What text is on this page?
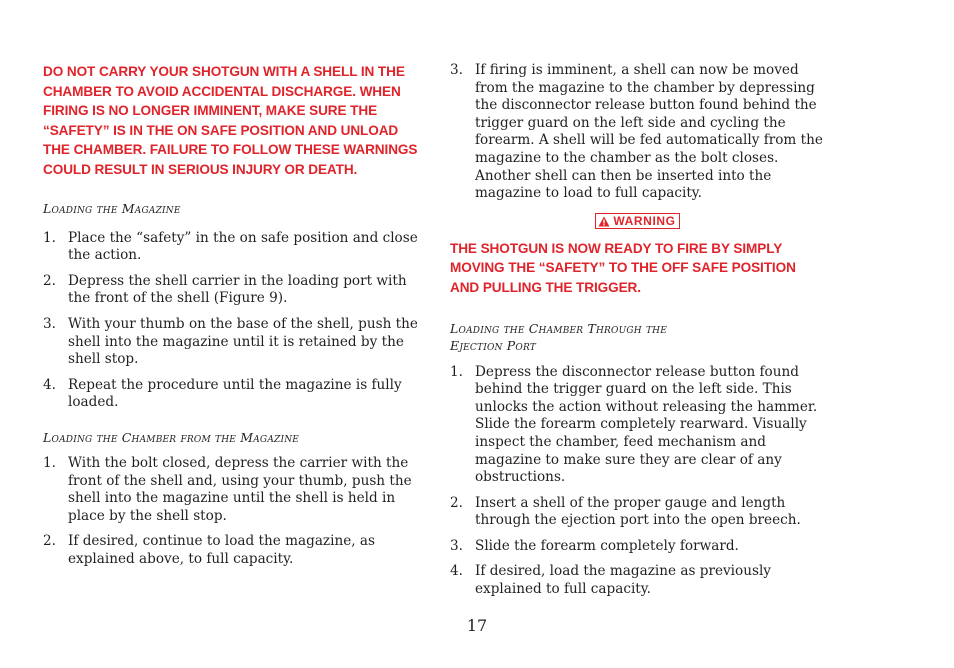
DO NOT CARRY YOUR SHOTGUN WITH A SHELL IN THE CHAMBER TO AVOID ACCIDENTAL DISCHARGE. WHEN FIRING IS NO LONGER IMMINENT, MAKE SURE THE “SAFETY” IS IN THE ON SAFE POSITION AND UNLOAD THE CHAMBER. FAILURE TO FOLLOW THESE WARNINGS COULD RESULT IN SERIOUS INJURY OR DEATH.

Loading the Magazine

1. Place the “safety” in the on safe position and close the action.
2. Depress the shell carrier in the loading port with the front of the shell (Figure 9).
3. With your thumb on the base of the shell, push the shell into the magazine until it is retained by the shell stop.
4. Repeat the procedure until the magazine is fully loaded.

Loading the Chamber from the Magazine

1. With the bolt closed, depress the carrier with the front of the shell and, using your thumb, push the shell into the magazine until the shell is held in place by the shell stop.
2. If desired, continue to load the magazine, as explained above, to full capacity.
3. If firing is imminent, a shell can now be moved from the magazine to the chamber by depressing the disconnector release button found behind the trigger guard on the left side and cycling the forearm. A shell will be fed automatically from the magazine to the chamber as the bolt closes. Another shell can then be inserted into the magazine to load to full capacity.
WARNING

THE SHOTGUN IS NOW READY TO FIRE BY SIMPLY MOVING THE “SAFETY” TO THE OFF SAFE POSITION AND PULLING THE TRIGGER.

Loading the Chamber Through the
Ejection Port

1. Depress the disconnector release button found behind the trigger guard on the left side. This unlocks the action without releasing the hammer. Slide the forearm completely rearward. Visually inspect the chamber, feed mechanism and magazine to make sure they are clear of any obstructions.
2. Insert a shell of the proper gauge and length through the ejection port into the open breech.
3. Slide the forearm completely forward.
4. If desired, load the magazine as previously explained to full capacity.
17
